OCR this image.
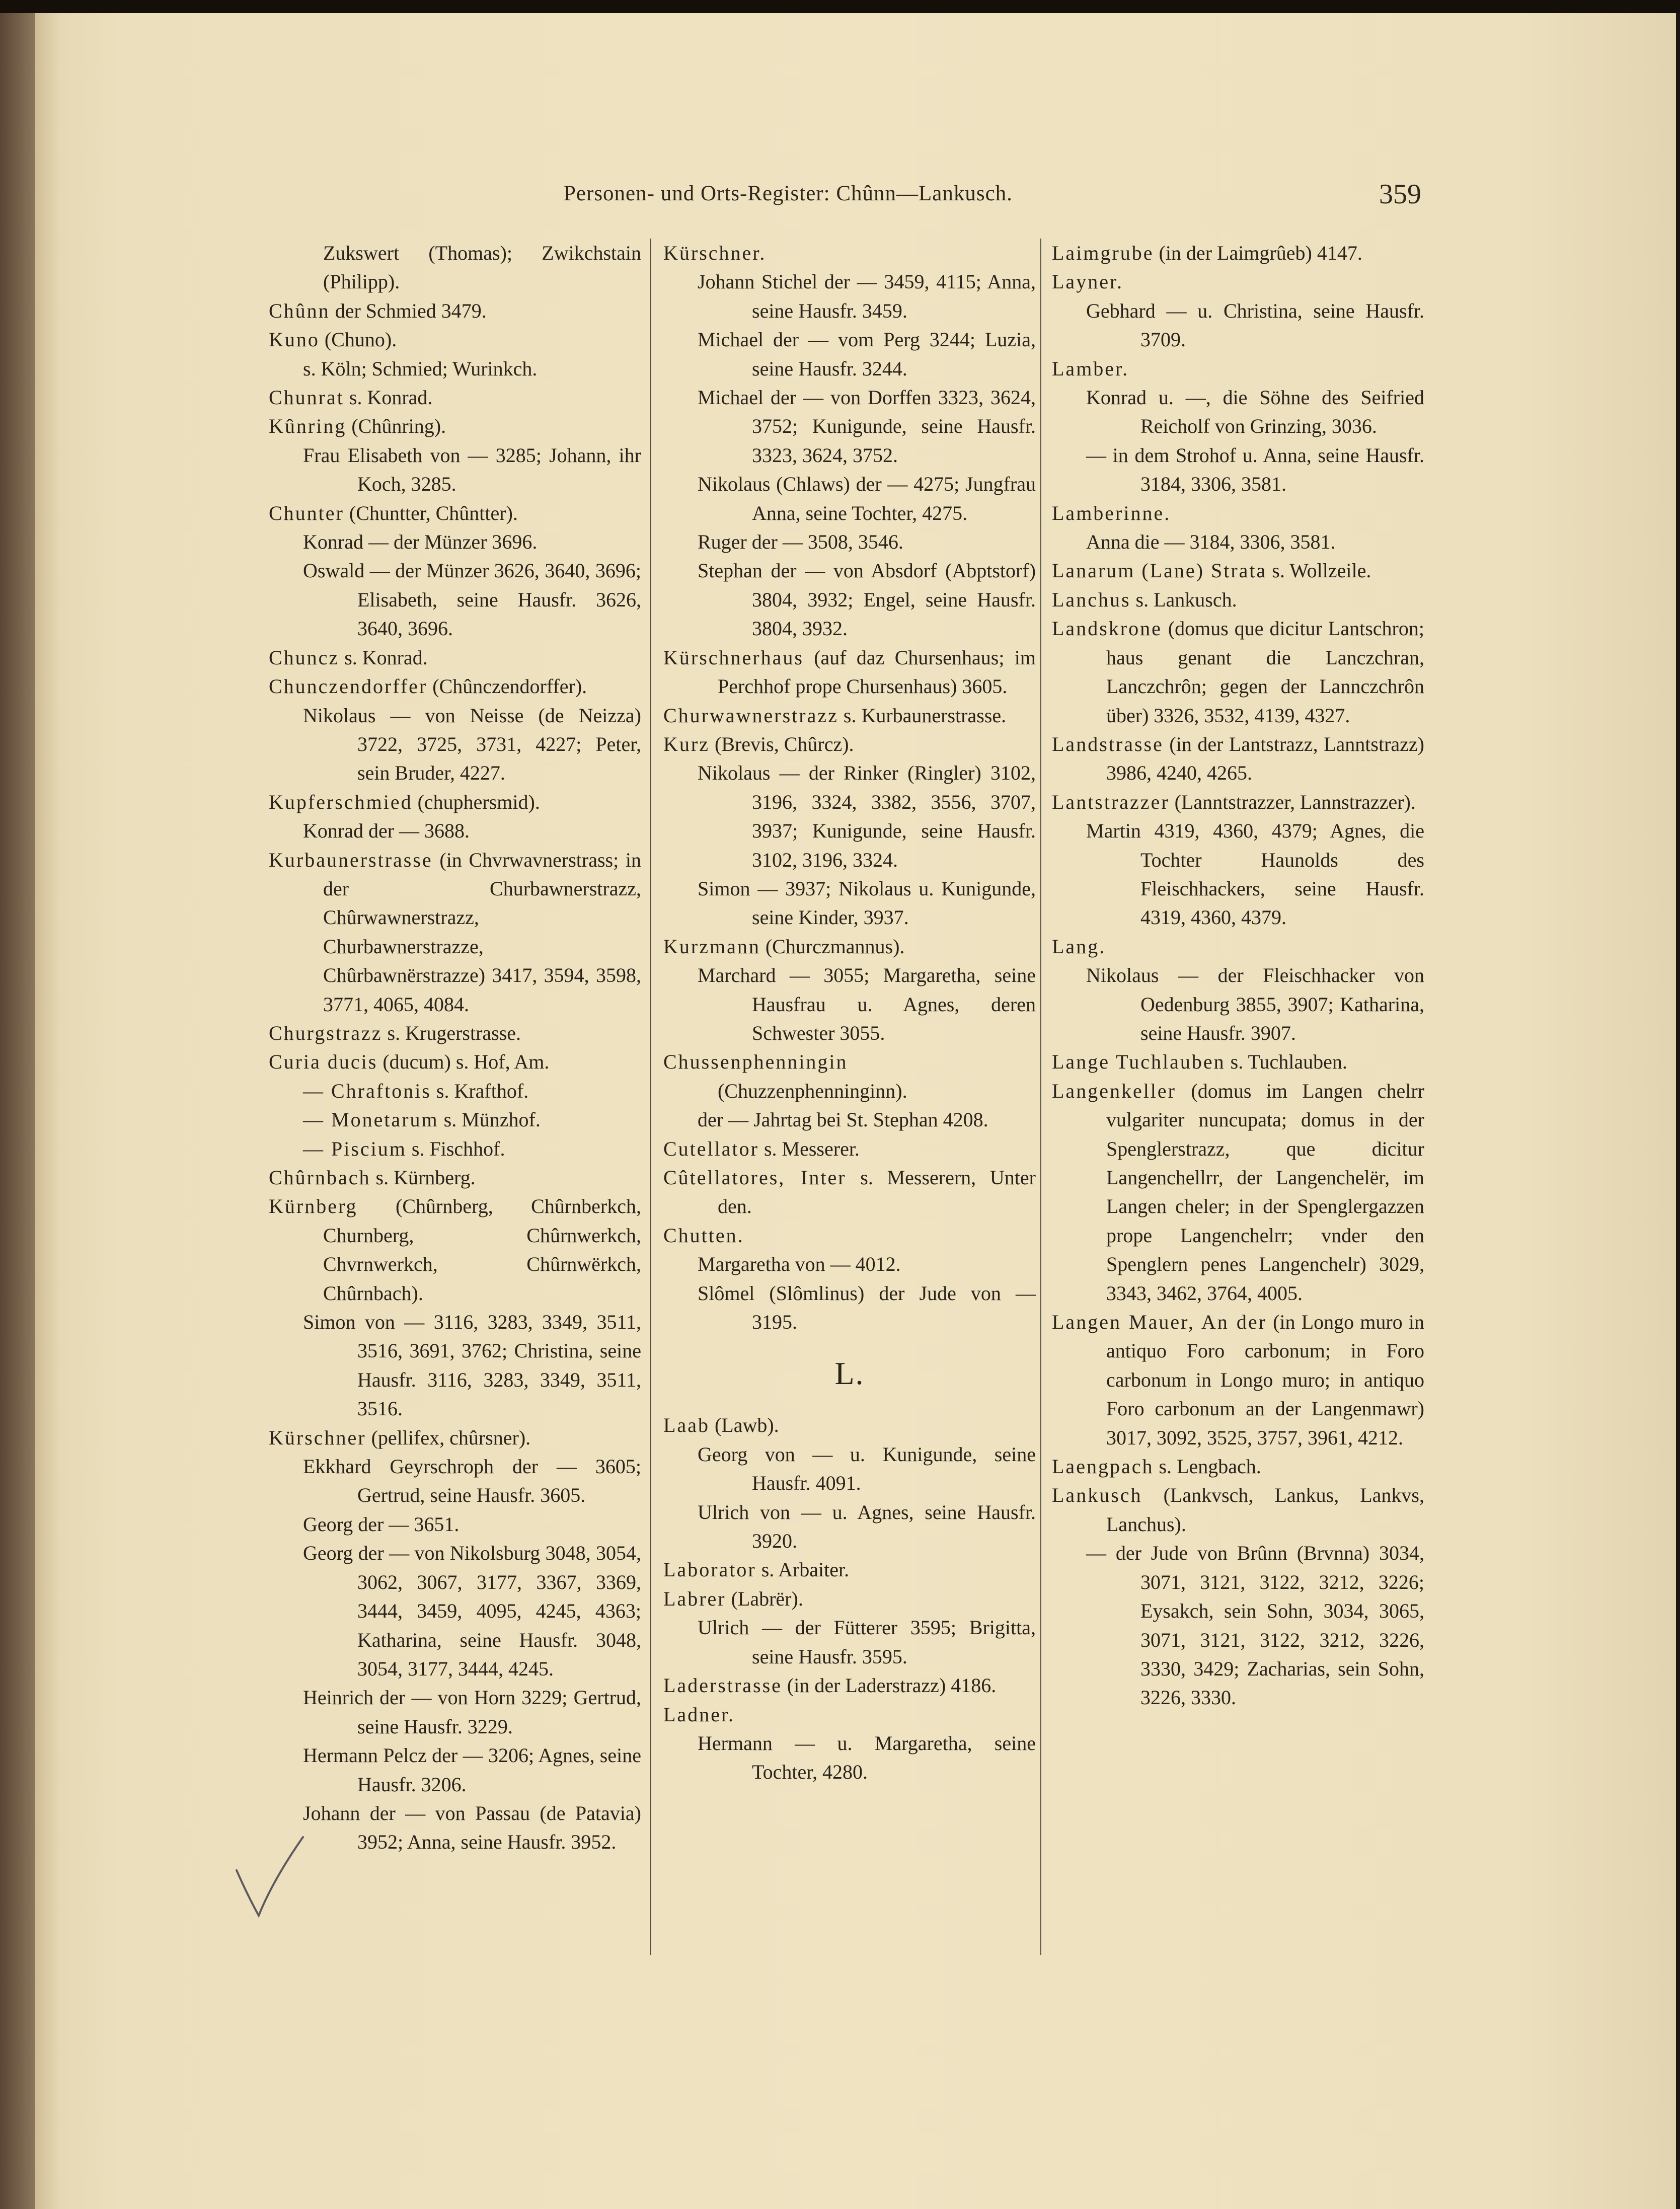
Personen- und Orts-Register: Chûnn—Lankusch.	359

Zukswert (Thomas); Zwikchstain (Philipp).

Chûnn der Schmied 3479.

Kuno (Chuno).

s. Köln; Schmied; Wurinkch.

Chunrat s. Konrad.

Kûnring (Chûnring).

Frau Elisabeth von — 3285; Johann, ihr Koch, 3285.

Chunter (Chuntter, Chûntter).

Konrad — der Münzer 3696.

Oswald — der Münzer 3626, 3640, 3696; Elisabeth, seine Hausfr. 3626, 3640, 3696.

Chuncz s. Konrad.

Chunczendorffer (Chûnczendorffer).

Nikolaus — von Neisse (de Neizza) 3722, 3725, 3731, 4227; Peter, sein Bruder, 4227.

Kupferschmied (chuphersmid).

Konrad der — 3688.

Kurbaunerstrasse (in Chvrwavnerstrass; in der Churbawnerstrazz, Chûrwawnerstrazz, Churbawnerstrazze, Chûrbawnërstrazze) 3417, 3594, 3598, 3771, 4065, 4084.

Churgstrazz s. Krugerstrasse.

Curia ducis (ducum) s. Hof, Am.

— Chraftonis s. Krafthof.

— Monetarum s. Münzhof.

— Piscium s. Fischhof.

Chûrnbach s. Kürnberg.

Kürnberg (Chûrnberg, Chûrnberkch, Churnberg, Chûrnwerkch, Chvrnwerkch, Chûrnwërkch, Chûrnbach).

Simon von — 3116, 3283, 3349, 3511, 3516, 3691, 3762; Christina, seine Hausfr. 3116, 3283, 3349, 3511, 3516.

Kürschner (pellifex, chûrsner).

Ekkhard Geyrschroph der — 3605; Gertrud, seine Hausfr. 3605.

Georg der — 3651.

Georg der — von Nikolsburg 3048, 3054, 3062, 3067, 3177, 3367, 3369, 3444, 3459, 4095, 4245, 4363; Katharina, seine Hausfr. 3048, 3054, 3177, 3444, 4245.

Heinrich der — von Horn 3229; Gertrud, seine Hausfr. 3229.

Hermann Pelcz der — 3206; Agnes, seine Hausfr. 3206.

Johann der — von Passau (de Patavia) 3952; Anna, seine Hausfr. 3952.

Kürschner.

Johann Stichel der — 3459, 4115; Anna, seine Hausfr. 3459.

Michael der — vom Perg 3244; Luzia, seine Hausfr. 3244.

Michael der — von Dorffen 3323, 3624, 3752; Kunigunde, seine Hausfr. 3323, 3624, 3752.

Nikolaus (Chlaws) der — 4275; Jungfrau Anna, seine Tochter, 4275.

Ruger der — 3508, 3546.

Stephan der — von Absdorf (Abptstorf) 3804, 3932; Engel, seine Hausfr. 3804, 3932.

Kürschnerhaus (auf daz Chursenhaus; im Perchhof prope Chursenhaus) 3605.

Churwawnerstrazz s. Kurbaunerstrasse.

Kurz (Brevis, Chûrcz).

Nikolaus — der Rinker (Ringler) 3102, 3196, 3324, 3382, 3556, 3707, 3937; Kunigunde, seine Hausfr. 3102, 3196, 3324.

Simon — 3937; Nikolaus u. Kunigunde, seine Kinder, 3937.

Kurzmann (Churczmannus).

Marchard — 3055; Margaretha, seine Hausfrau u. Agnes, deren Schwester 3055.

Chussenphenningin (Chuzzenphenninginn).

der — Jahrtag bei St. Stephan 4208.

Cutellator s. Messerer.

Cûtellatores, Inter s. Messerern, Unter den.

Chutten.

Margaretha von — 4012.

Slômel (Slômlinus) der Jude von — 3195.

L.

Laab (Lawb).

Georg von — u. Kunigunde, seine Hausfr. 4091.

Ulrich von — u. Agnes, seine Hausfr. 3920.

Laborator s. Arbaiter.

Labrer (Labrër).

Ulrich — der Fütterer 3595; Brigitta, seine Hausfr. 3595.

Laderstrasse (in der Laderstrazz) 4186.

Ladner.

Hermann — u. Margaretha, seine Tochter, 4280.

Laimgrube (in der Laimgrûeb) 4147.

Layner.

Gebhard — u. Christina, seine Hausfr. 3709.

Lamber.

Konrad u. —, die Söhne des Seifried Reicholf von Grinzing, 3036.

— in dem Strohof u. Anna, seine Hausfr. 3184, 3306, 3581.

Lamberinne.

Anna die — 3184, 3306, 3581.

Lanarum (Lane) Strata s. Wollzeile.

Lanchus s. Lankusch.

Landskrone (domus que dicitur Lantschron; haus genant die Lanczchran, Lanczchrôn; gegen der Lannczchrôn über) 3326, 3532, 4139, 4327.

Landstrasse (in der Lantstrazz, Lanntstrazz) 3986, 4240, 4265.

Lantstrazzer (Lanntstrazzer, Lannstrazzer).

Martin 4319, 4360, 4379; Agnes, die Tochter Haunolds des Fleischhackers, seine Hausfr. 4319, 4360, 4379.

Lang.

Nikolaus — der Fleischhacker von Oedenburg 3855, 3907; Katharina, seine Hausfr. 3907.

Lange Tuchlauben s. Tuchlauben.

Langenkeller (domus im Langen chelrr vulgariter nuncupata; domus in der Spenglerstrazz, que dicitur Langenchellrr, der Langenchelër, im Langen cheler; in der Spenglergazzen prope Langenchelrr; vnder den Spenglern penes Langenchelr) 3029, 3343, 3462, 3764, 4005.

Langen Mauer, An der (in Longo muro in antiquo Foro carbonum; in Foro carbonum in Longo muro; in antiquo Foro carbonum an der Langenmawr) 3017, 3092, 3525, 3757, 3961, 4212.

Laengpach s. Lengbach.

Lankusch (Lankvsch, Lankus, Lankvs, Lanchus).

— der Jude von Brûnn (Brvnna) 3034, 3071, 3121, 3122, 3212, 3226; Eysakch, sein Sohn, 3034, 3065, 3071, 3121, 3122, 3212, 3226, 3330, 3429; Zacharias, sein Sohn, 3226, 3330.
